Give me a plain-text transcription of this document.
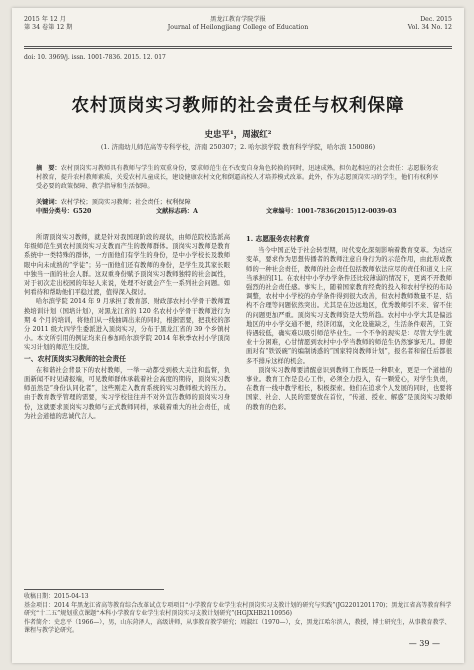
2015 年 12 月
第 34 卷第 12 期
黑龙江教育学院学报
Journal of Heilongjiang College of Education
Dec. 2015
Vol. 34 No. 12
doi: 10. 3969/j. issn. 1001-7836. 2015. 12. 017
农村顶岗实习教师的社会责任与权利保障
史忠平¹，周淑红²
(1. 济南幼儿师范高等专科学校，济南 250307；2. 哈尔滨学院 教育科学学院，哈尔滨 150086)
摘　要：农村顶岗实习教师具有教师与学生的双重身份，要求师范生在不改变自身角色转换的同时，迅速成熟，担负起相应的社会责任：志愿服务农村教育，提升农村教师素质，关爱农村儿童成长，建设健康农村文化和倒逼高校人才培养模式改革。此外，作为志愿顶岗实习的学生，他们有权利享受必要的政策保障、教学指导和生活保障。
关键词：农村学校；顶岗实习教师；社会责任；权利保障
中图分类号：G520	文献标志码：A	文章编号：1001-7836(2015)12-0039-03

所谓顶岗实习教师，就是针对我国现阶段的现状，由师范院校选派高年级师范生到农村顶岗实习支教而产生的教师群体。顶岗实习教师是教育系统中一类特殊的群体，一方面他们有学生的身份，是中小学校长及教师眼中向未成熟的“学徒”；另一面他们还有教师的身份，是学生及其家长眼中独当一面的社会人群。这双重身份赋予顶岗实习教师独特的社会属性，对于初次走出校园的年轻人来说，处理不好就会产生一系列社会问题。如何看待和帮助他们平稳过渡，值得深入探讨。

哈尔滨学院 2014 年 9 月承担了教育部、财政部农村小学骨干教师置换培训计划（国培计划），对黑龙江省的 120 名农村小学骨干教师进行为期 4 个月的培训，将他们从一线抽调出来的同时，根据需要，把我校的部分 2011 级大四学生委派进入顶岗实习，分布于黑龙江省的 39 个乡镇村小。本文所引用的例证均来自参加哈尔滨学院 2014 年秋季农村小学顶岗实习计划的师范生反馈。

一、农村顶岗实习教师的社会责任

在和谐社会背景下的农村教师，一举一动都受到极大关注和监督，负面新闻不时见诸报端，可见教师群体承载着社会高度的期待，顶岗实习教师虽然是“身份认同化者”，这些刚走入教育系统的实习教师极大的压力。由于教育教学管理的需要，实习学校往往并不对外宣告教师的顶岗实习身份，这就要求顶岗实习教师与正式教师同样，承载着重大的社会责任，成为社会道德的忠诚代言人。

1. 志愿服务农村教育

当今中国正处于社会转型期，时代变化深刻影响着教育变革。为适应变革，要求作为思想传播者的教师注意自身行为的示范作用，由此形成教师的一种社会责任，教师的社会责任包括教师依法应尽的责任和道义上应当承担的[1]。在农村中小学办学条件还比较薄弱的情况下，更离不开教师强烈的社会责任感。事实上，随着国家教育经费的投入和农村学校的布局调整，农村中小学校的办学条件得到很大改善，但农村教师数量不足、结构不合理等问题依然突出。尤其是在边远地区，优秀教师引不来、留不住的问题更加严重。顶岗实习支教师资是大势所趋。农村中小学大其是偏远地区的中小学交通不便，经济闭塞，文化设施缺乏，生活条件艰苦，工资待遇较低，确实难以吸引师范毕业生。一个不争的现实是：尽管大学生就业十分困难，心甘情愿到农村中小学当教师的师范生仍然寥寥无几。即使面对有“铁饭碗”的编制诱惑的“国家特岗教师计划”，报名者和留任后都很多不排斥这样的机会。

顶岗实习教师要清醒意识到教师工作既是一种职业，更是一个道德的事业。教育工作是良心工作，必须全力投入，有一颗爱心，对学生负责，在教育一线中教学相长，积极探索。他们在追求个人发展的同时，也要将国家、社会、人民的需要放在首位，“传道、授业、解惑”是顶岗实习教师的教育的色彩。

收稿日期：2015-04-13
基金项目：2014 年黑龙江省高等教育综合改革试点专项项目“小学教育专业学生农村顶岗实习支教计划的研究与实践”(JG2201201170)；黑龙江省高等教育科学研究“十二五”规划重点课题“本科小学教育专业学生农村顶岗实习支教计划研究”(HGJXHB2110956)
作者简介：史忠平（1966—），男，山东菏泽人，高级讲师，从事教育教学研究；周淑红（1970—），女，黑龙江哈尔滨人，教授，博士研究生，从事教育教学、课程与教学论研究。
— 39 —
